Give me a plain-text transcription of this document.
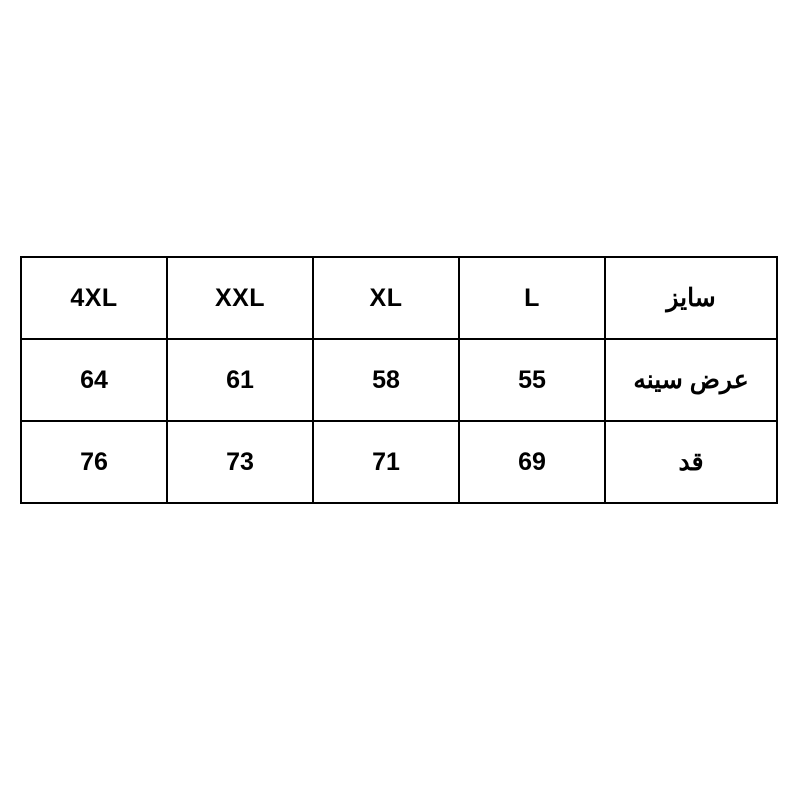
سایز	L	XL	XXL	4XL
عرض سینه	55	58	61	64
قد	69	71	73	76
